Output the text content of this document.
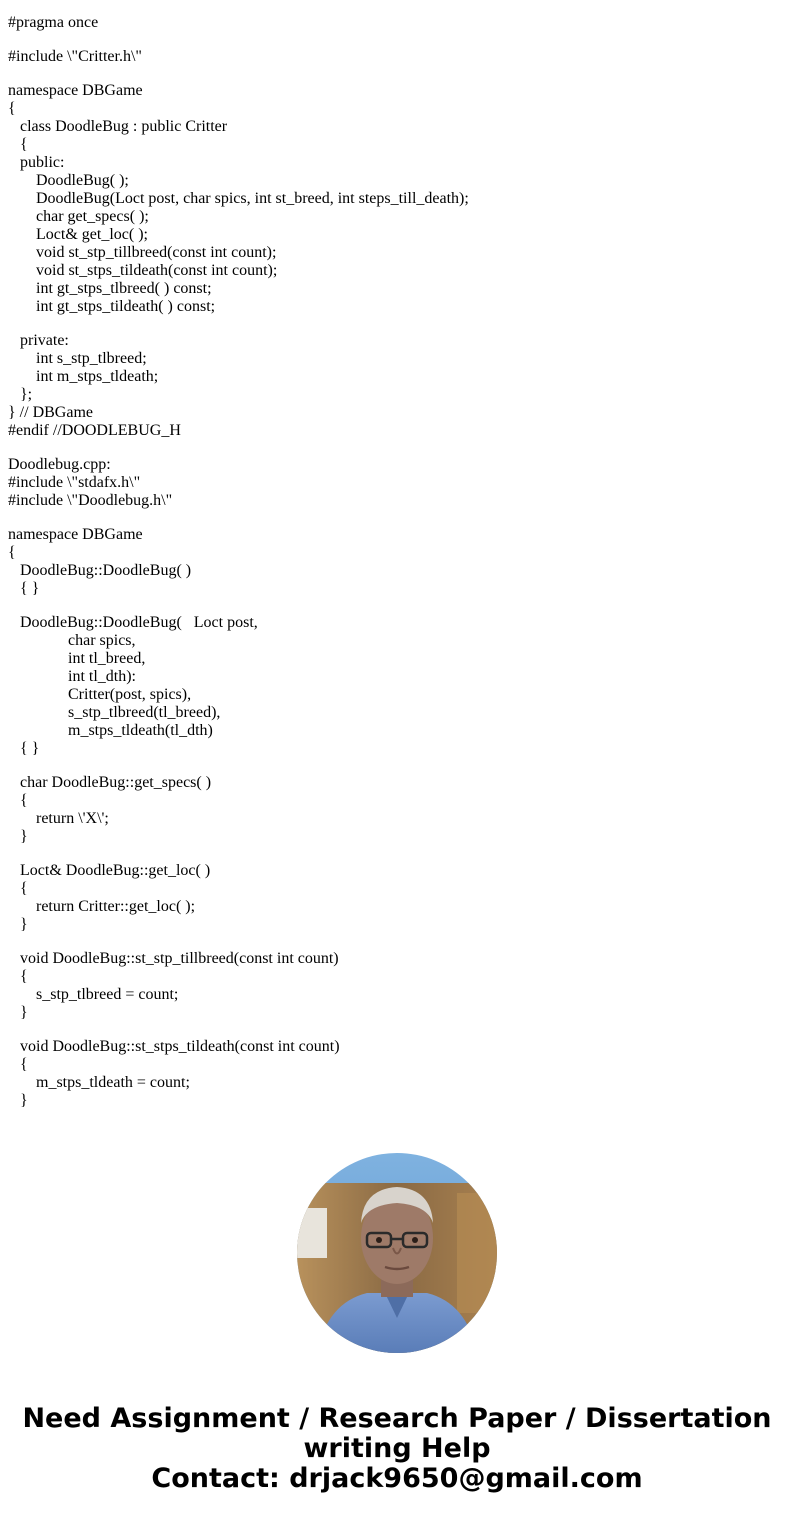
#pragma once
#include \"Critter.h\"
namespace DBGame
{
class DoodleBug : public Critter
{
public:
DoodleBug( );
DoodleBug(Loct post, char spics, int st_breed, int steps_till_death);
char get_specs( );
Loct& get_loc( );
void st_stp_tillbreed(const int count);
void st_stps_tildeath(const int count);
int gt_stps_tlbreed( ) const;
int gt_stps_tildeath( ) const;
private:
int s_stp_tlbreed;
int m_stps_tldeath;
};
} // DBGame
#endif //DOODLEBUG_H
Doodlebug.cpp:
#include \"stdafx.h\"
#include \"Doodlebug.h\"
namespace DBGame
{
DoodleBug::DoodleBug( )
{ }
DoodleBug::DoodleBug(   Loct post,
char spics,
int tl_breed,
int tl_dth):
Critter(post, spics),
s_stp_tlbreed(tl_breed),
m_stps_tldeath(tl_dth)
{ }
char DoodleBug::get_specs( )
{
return \'X\';
}
Loct& DoodleBug::get_loc( )
{
return Critter::get_loc( );
}
void DoodleBug::st_stp_tillbreed(const int count)
{
s_stp_tlbreed = count;
}
void DoodleBug::st_stps_tildeath(const int count)
{
m_stps_tldeath = count;
}
Need Assignment / Research Paper / Dissertation
writing Help
Contact: drjack9650@gmail.com
